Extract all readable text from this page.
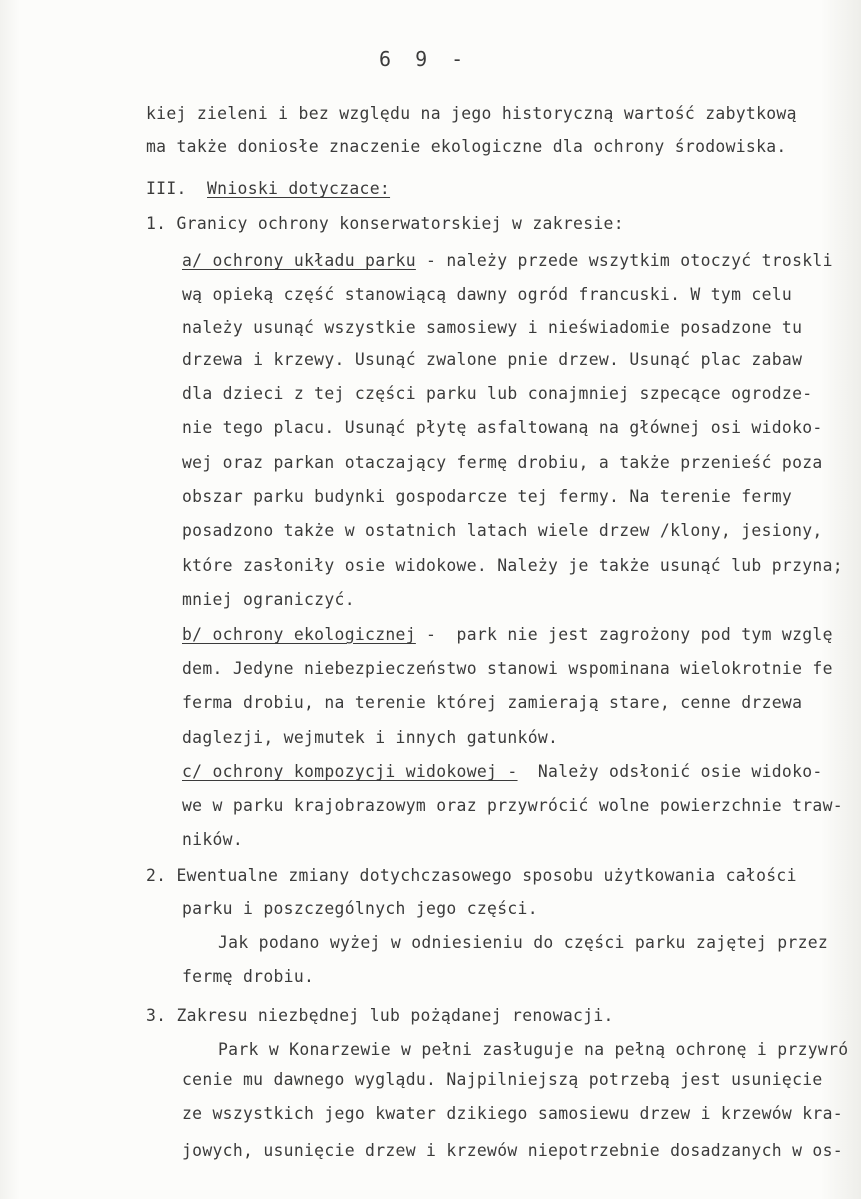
6 9 -
kiej zieleni i bez względu na jego historyczną wartość zabytkową
ma także doniosłe znaczenie ekologiczne dla ochrony środowiska.
III.  Wnioski dotyczace:
1. Granicy ochrony konserwatorskiej w zakresie:
a/ ochrony układu parku - należy przede wszytkim otoczyć troskli
wą opieką część stanowiącą dawny ogród francuski. W tym celu
należy usunąć wszystkie samosiewy i nieświadomie posadzone tu
drzewa i krzewy. Usunąć zwalone pnie drzew. Usunąć plac zabaw
dla dzieci z tej części parku lub conajmniej szpecące ogrodze-
nie tego placu. Usunąć płytę asfaltowaną na głównej osi widoko-
wej oraz parkan otaczający fermę drobiu, a także przenieść poza
obszar parku budynki gospodarcze tej fermy. Na terenie fermy
posadzono także w ostatnich latach wiele drzew /klony, jesiony,
które zasłoniły osie widokowe. Należy je także usunąć lub przyna;
mniej ograniczyć.
b/ ochrony ekologicznej -  park nie jest zagrożony pod tym wzglę
dem. Jedyne niebezpieczeństwo stanowi wspominana wielokrotnie fe
ferma drobiu, na terenie której zamierają stare, cenne drzewa
daglezji, wejmutek i innych gatunków.
c/ ochrony kompozycji widokowej -  Należy odsłonić osie widoko-
we w parku krajobrazowym oraz przywrócić wolne powierzchnie traw-
ników.
2. Ewentualne zmiany dotychczasowego sposobu użytkowania całości
parku i poszczególnych jego części.
Jak podano wyżej w odniesieniu do części parku zajętej przez
fermę drobiu.
3. Zakresu niezbędnej lub pożądanej renowacji.
Park w Konarzewie w pełni zasługuje na pełną ochronę i przywró
cenie mu dawnego wyglądu. Najpilniejszą potrzebą jest usunięcie
ze wszystkich jego kwater dzikiego samosiewu drzew i krzewów kra-
jowych, usunięcie drzew i krzewów niepotrzebnie dosadzanych w os-
